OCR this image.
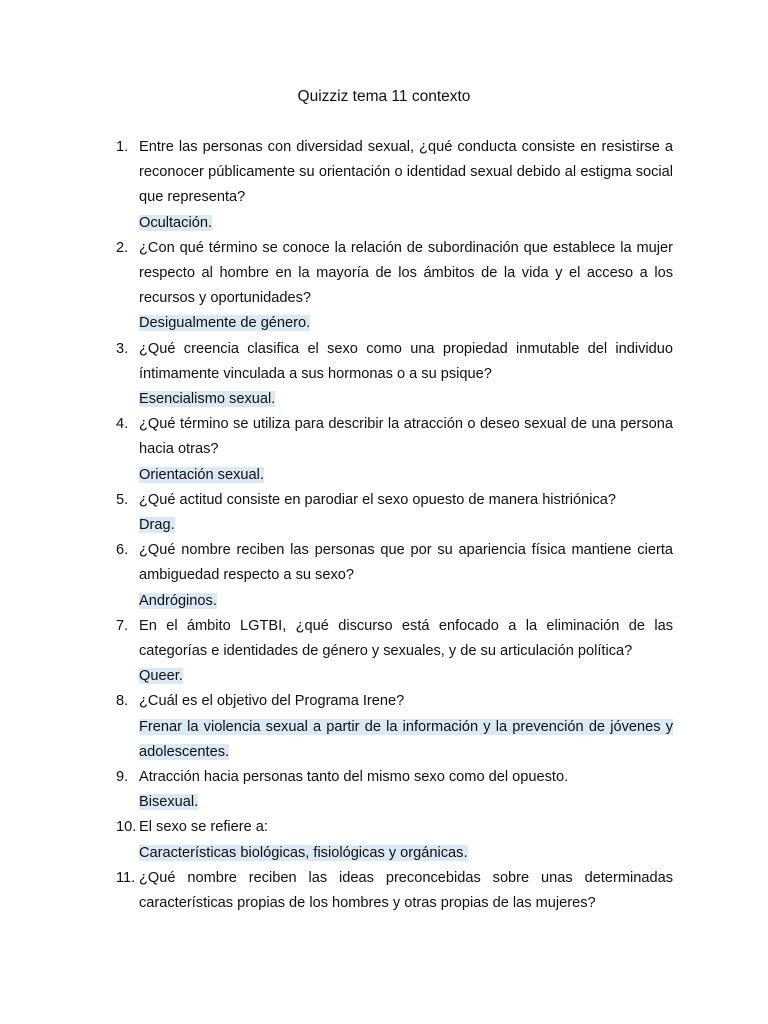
Quizziz tema 11 contexto
1. Entre las personas con diversidad sexual, ¿qué conducta consiste en resistirse a reconocer públicamente su orientación o identidad sexual debido al estigma social que representa?
Ocultación.
2. ¿Con qué término se conoce la relación de subordinación que establece la mujer respecto al hombre en la mayoría de los ámbitos de la vida y el acceso a los recursos y oportunidades?
Desigualmente de género.
3. ¿Qué creencia clasifica el sexo como una propiedad inmutable del individuo íntimamente vinculada a sus hormonas o a su psique?
Esencialismo sexual.
4. ¿Qué término se utiliza para describir la atracción o deseo sexual de una persona hacia otras?
Orientación sexual.
5. ¿Qué actitud consiste en parodiar el sexo opuesto de manera histriónica?
Drag.
6. ¿Qué nombre reciben las personas que por su apariencia física mantiene cierta ambiguedad respecto a su sexo?
Andróginos.
7. En el ámbito LGTBI, ¿qué discurso está enfocado a la eliminación de las categorías e identidades de género y sexuales, y de su articulación política?
Queer.
8. ¿Cuál es el objetivo del Programa Irene?
Frenar la violencia sexual a partir de la información y la prevención de jóvenes y adolescentes.
9. Atracción hacia personas tanto del mismo sexo como del opuesto.
Bisexual.
10. El sexo se refiere a:
Características biológicas, fisiológicas y orgánicas.
11. ¿Qué nombre reciben las ideas preconcebidas sobre unas determinadas características propias de los hombres y otras propias de las mujeres?
